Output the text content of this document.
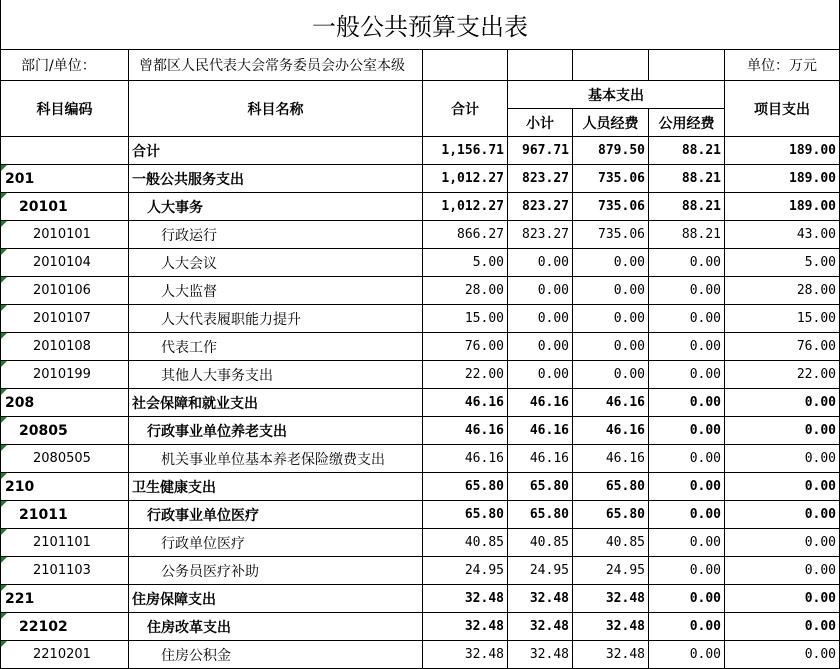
一般公共预算支出表
部门/单位：	曾都区人民代表大会常务委员会办公室本级					单位：万元
科目编码	科目名称	合计	基本支出			项目支出
			小计	人员经费	公用经费	
	合计	1,156.71	967.71	879.50	88.21	189.00
201	一般公共服务支出	1,012.27	823.27	735.06	88.21	189.00
20101	人大事务	1,012.27	823.27	735.06	88.21	189.00
2010101	行政运行	866.27	823.27	735.06	88.21	43.00
2010104	人大会议	5.00	0.00	0.00	0.00	5.00
2010106	人大监督	28.00	0.00	0.00	0.00	28.00
2010107	人大代表履职能力提升	15.00	0.00	0.00	0.00	15.00
2010108	代表工作	76.00	0.00	0.00	0.00	76.00
2010199	其他人大事务支出	22.00	0.00	0.00	0.00	22.00
208	社会保障和就业支出	46.16	46.16	46.16	0.00	0.00
20805	行政事业单位养老支出	46.16	46.16	46.16	0.00	0.00
2080505	机关事业单位基本养老保险缴费支出	46.16	46.16	46.16	0.00	0.00
210	卫生健康支出	65.80	65.80	65.80	0.00	0.00
21011	行政事业单位医疗	65.80	65.80	65.80	0.00	0.00
2101101	行政单位医疗	40.85	40.85	40.85	0.00	0.00
2101103	公务员医疗补助	24.95	24.95	24.95	0.00	0.00
221	住房保障支出	32.48	32.48	32.48	0.00	0.00
22102	住房改革支出	32.48	32.48	32.48	0.00	0.00
2210201	住房公积金	32.48	32.48	32.48	0.00	0.00
